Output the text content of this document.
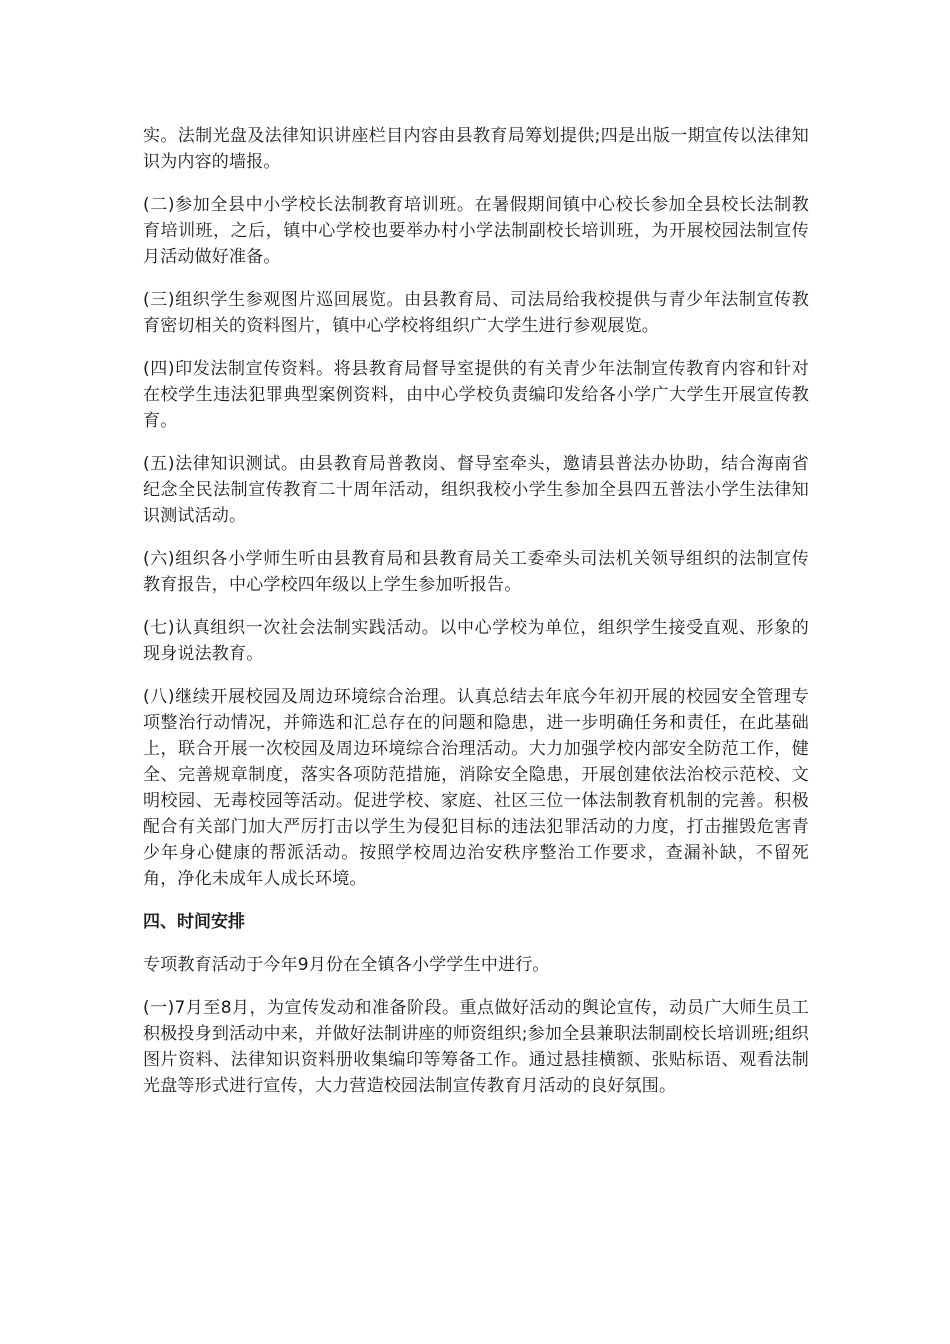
实。法制光盘及法律知识讲座栏目内容由县教育局筹划提供;四是出版一期宣传以法律知识为内容的墙报。

(二)参加全县中小学校长法制教育培训班。在暑假期间镇中心校长参加全县校长法制教育培训班，之后，镇中心学校也要举办村小学法制副校长培训班，为开展校园法制宣传月活动做好准备。

(三)组织学生参观图片巡回展览。由县教育局、司法局给我校提供与青少年法制宣传教育密切相关的资料图片，镇中心学校将组织广大学生进行参观展览。

(四)印发法制宣传资料。将县教育局督导室提供的有关青少年法制宣传教育内容和针对在校学生违法犯罪典型案例资料，由中心学校负责编印发给各小学广大学生开展宣传教育。

(五)法律知识测试。由县教育局普教岗、督导室牵头，邀请县普法办协助，结合海南省纪念全民法制宣传教育二十周年活动，组织我校小学生参加全县四五普法小学生法律知识测试活动。

(六)组织各小学师生听由县教育局和县教育局关工委牵头司法机关领导组织的法制宣传教育报告，中心学校四年级以上学生参加听报告。

(七)认真组织一次社会法制实践活动。以中心学校为单位，组织学生接受直观、形象的现身说法教育。

(八)继续开展校园及周边环境综合治理。认真总结去年底今年初开展的校园安全管理专项整治行动情况，并筛选和汇总存在的问题和隐患，进一步明确任务和责任，在此基础上，联合开展一次校园及周边环境综合治理活动。大力加强学校内部安全防范工作，健全、完善规章制度，落实各项防范措施，消除安全隐患，开展创建依法治校示范校、文明校园、无毒校园等活动。促进学校、家庭、社区三位一体法制教育机制的完善。积极配合有关部门加大严厉打击以学生为侵犯目标的违法犯罪活动的力度，打击摧毁危害青少年身心健康的帮派活动。按照学校周边治安秩序整治工作要求，查漏补缺，不留死角，净化未成年人成长环境。

四、时间安排

专项教育活动于今年9月份在全镇各小学学生中进行。

(一)7月至8月，为宣传发动和准备阶段。重点做好活动的舆论宣传，动员广大师生员工积极投身到活动中来，并做好法制讲座的师资组织;参加全县兼职法制副校长培训班;组织图片资料、法律知识资料册收集编印等筹备工作。通过悬挂横额、张贴标语、观看法制光盘等形式进行宣传，大力营造校园法制宣传教育月活动的良好氛围。
